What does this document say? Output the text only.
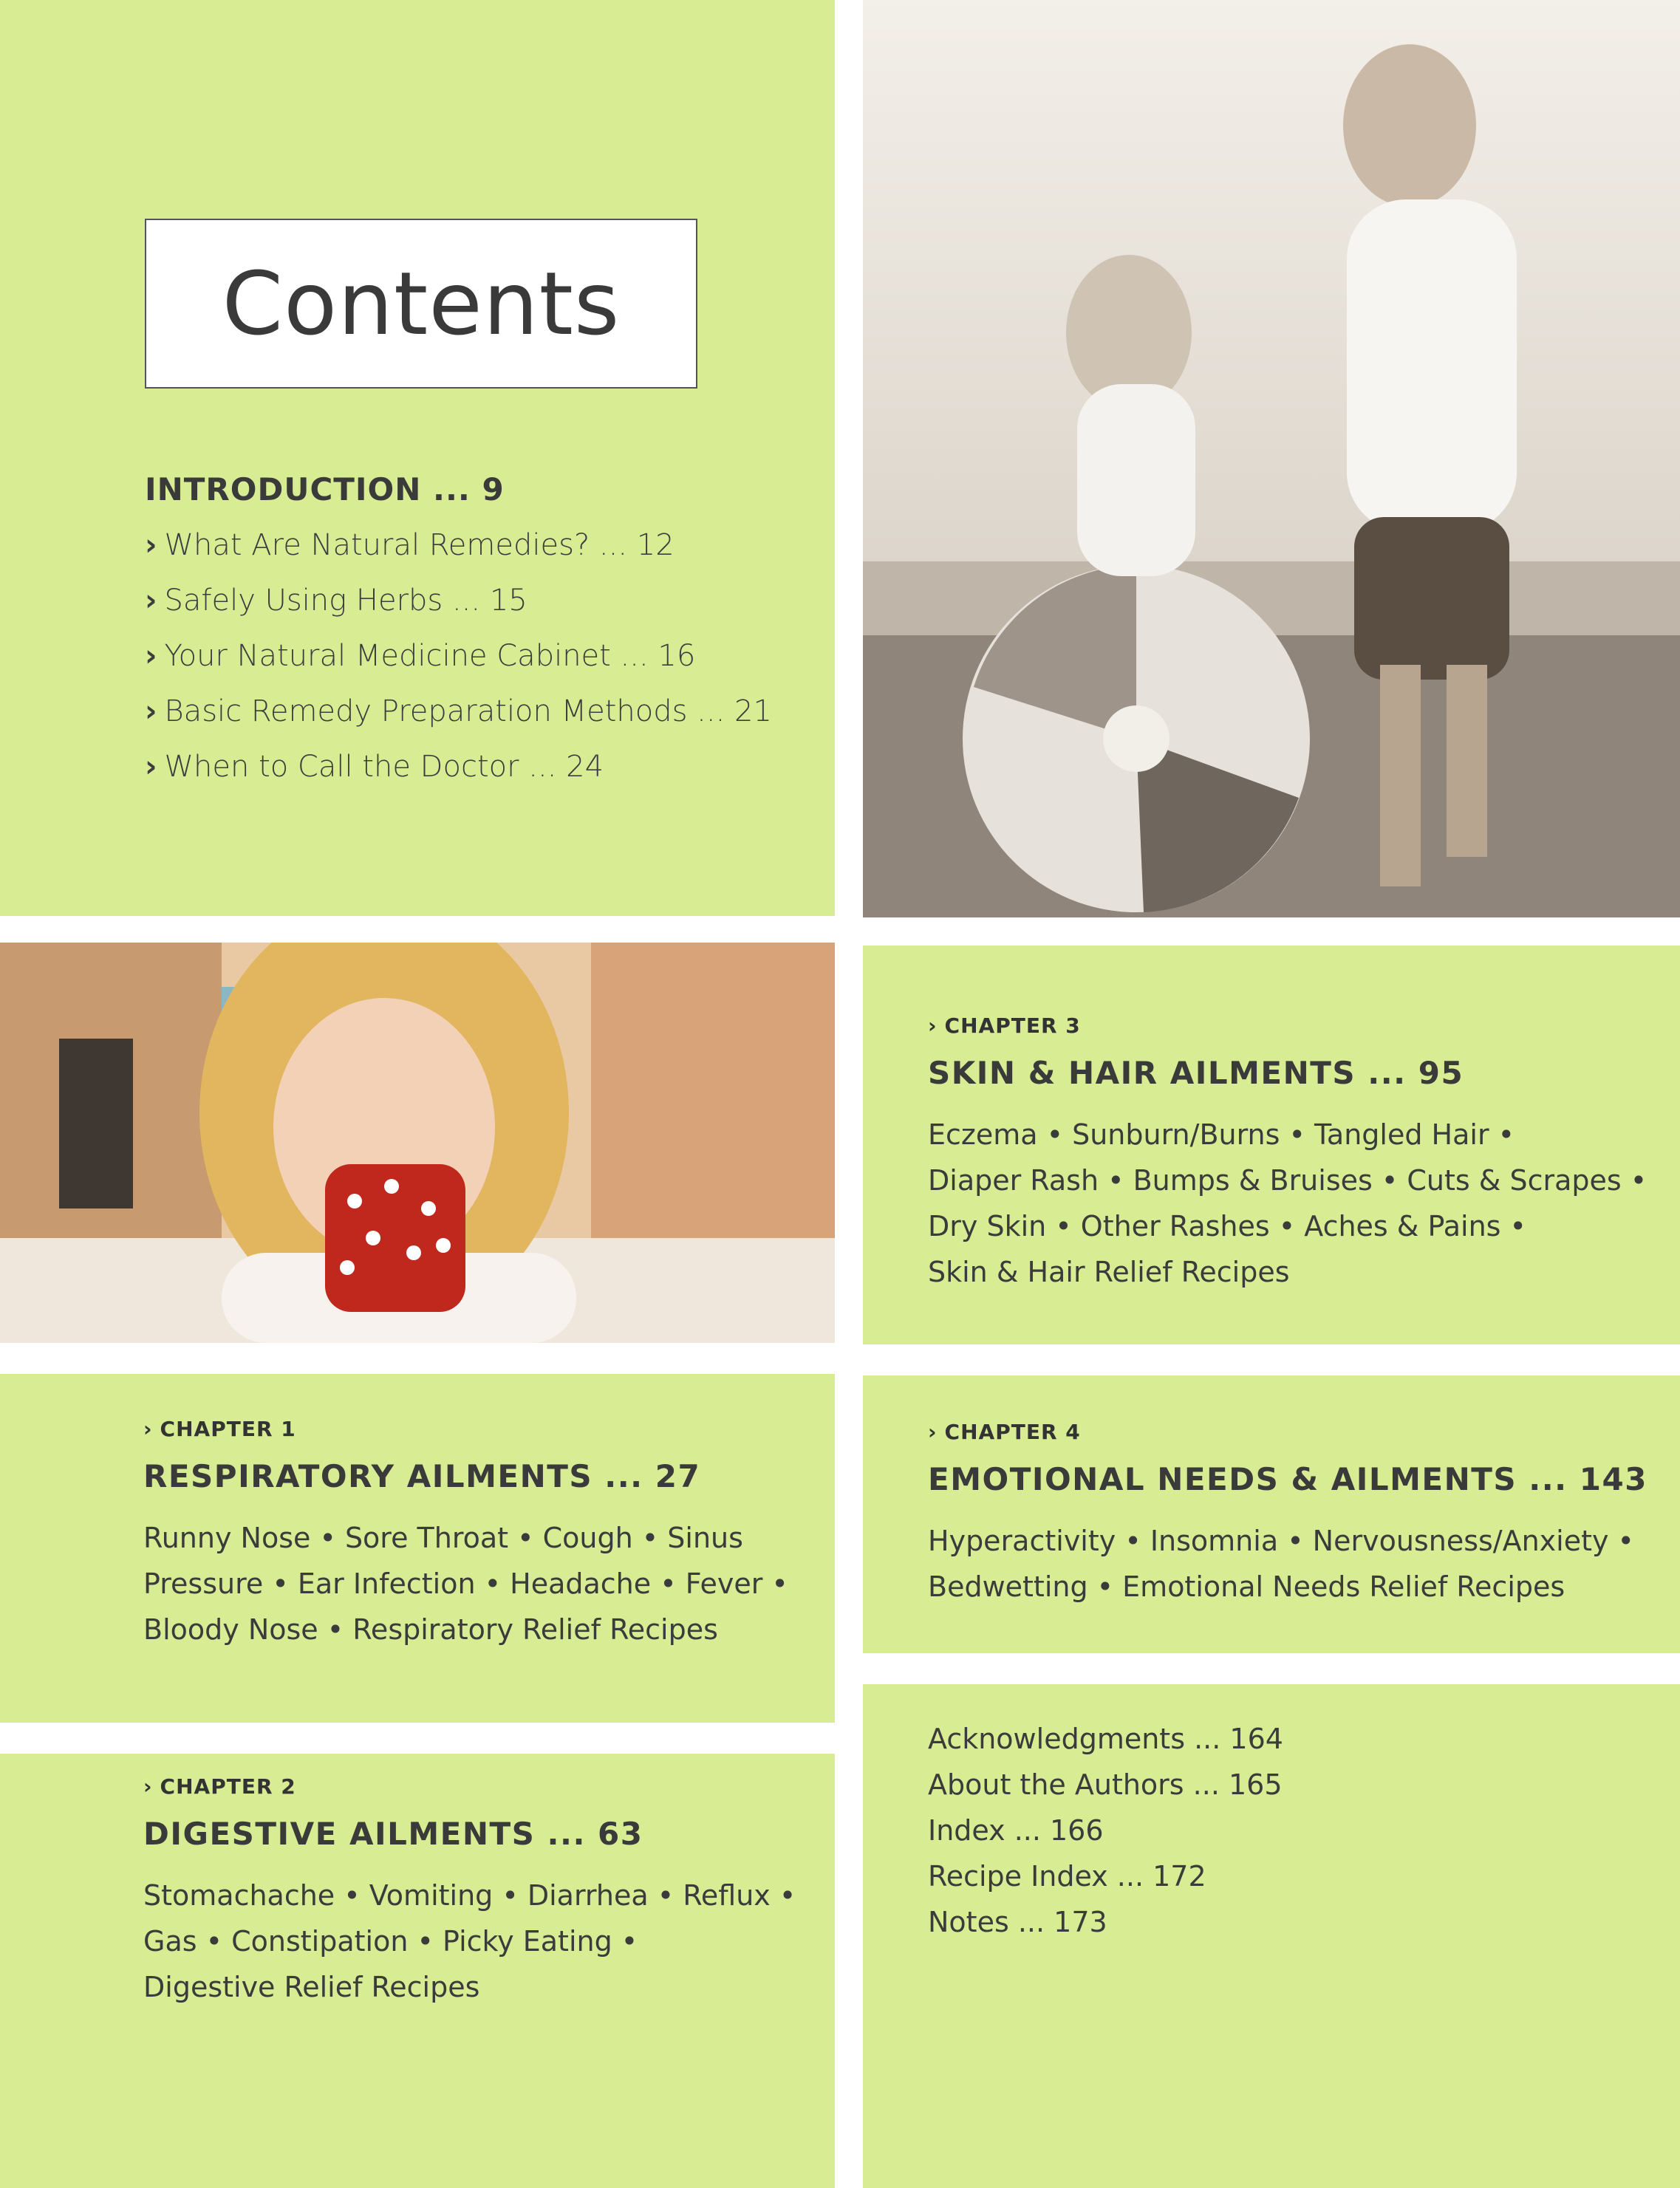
Contents
INTRODUCTION ... 9
› What Are Natural Remedies? ... 12
› Safely Using Herbs ... 15
› Your Natural Medicine Cabinet ... 16
› Basic Remedy Preparation Methods ... 21
› When to Call the Doctor ... 24
› CHAPTER 3
SKIN & HAIR AILMENTS ... 95
Eczema • Sunburn/Burns • Tangled Hair •
Diaper Rash • Bumps & Bruises • Cuts & Scrapes •
Dry Skin • Other Rashes • Aches & Pains •
Skin & Hair Relief Recipes
› CHAPTER 1
RESPIRATORY AILMENTS ... 27
Runny Nose • Sore Throat • Cough • Sinus
Pressure • Ear Infection • Headache • Fever •
Bloody Nose • Respiratory Relief Recipes
› CHAPTER 4
EMOTIONAL NEEDS & AILMENTS ... 143
Hyperactivity • Insomnia • Nervousness/Anxiety •
Bedwetting • Emotional Needs Relief Recipes
› CHAPTER 2
DIGESTIVE AILMENTS ... 63
Stomachache • Vomiting • Diarrhea • Reflux •
Gas • Constipation • Picky Eating •
Digestive Relief Recipes
Acknowledgments ... 164
About the Authors ... 165
Index ... 166
Recipe Index ... 172
Notes ... 173
